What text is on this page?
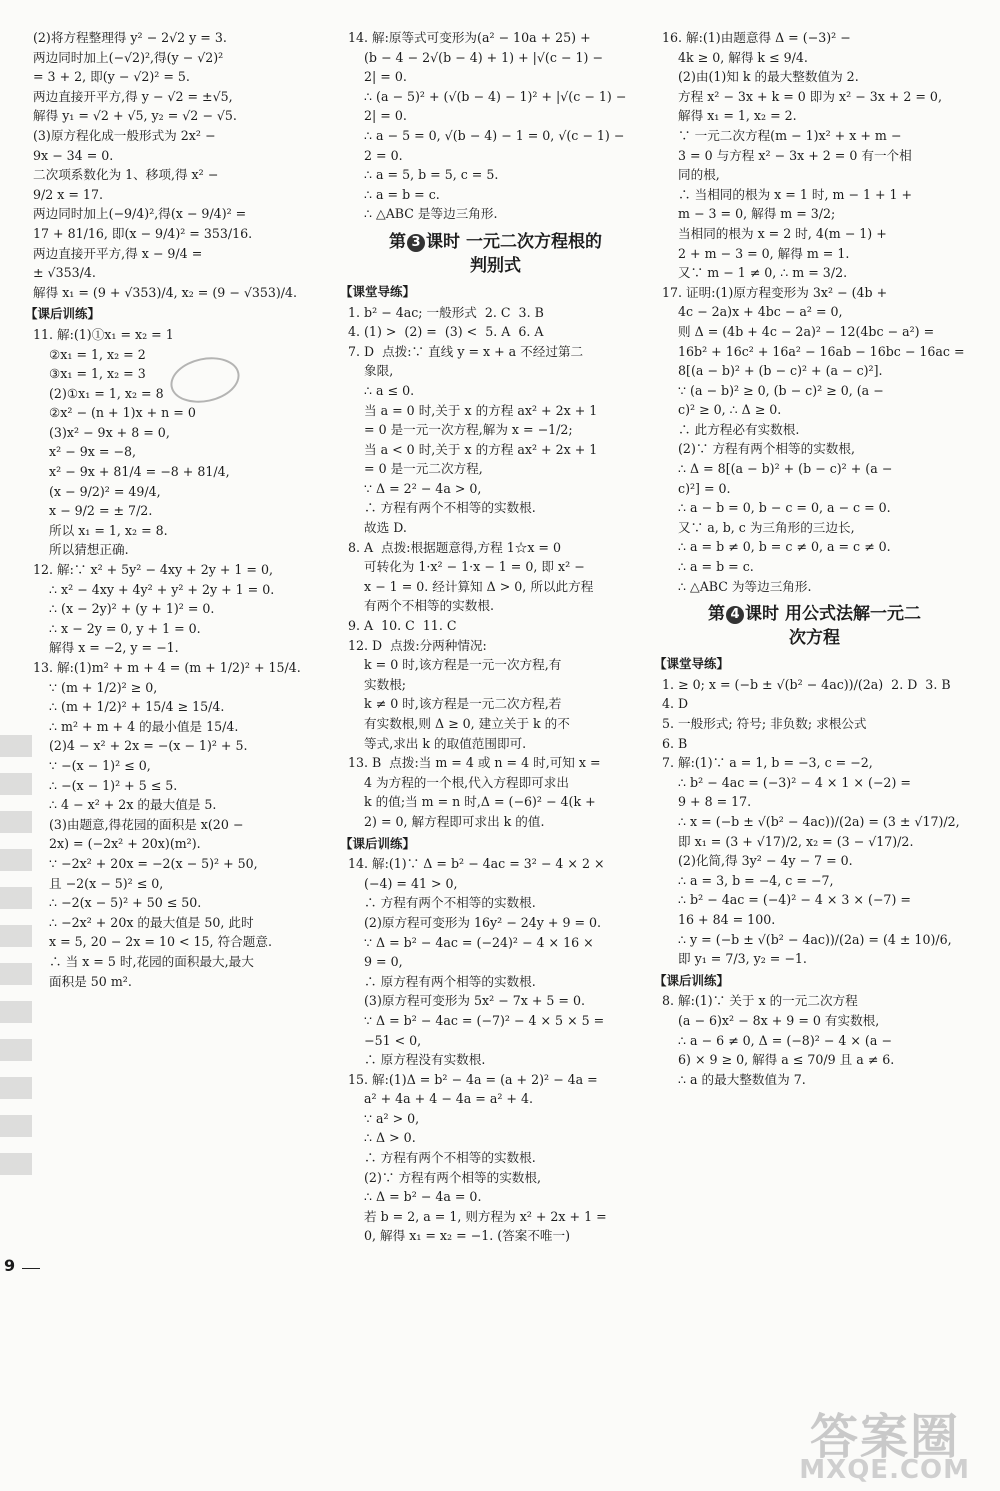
(2)将方程整理得 y² − 2√2 y = 3.
两边同时加上(−√2)²,得(y − √2)²
= 3 + 2, 即(y − √2)² = 5.
两边直接开平方,得 y − √2 = ±√5,
解得 y₁ = √2 + √5, y₂ = √2 − √5.
(3)原方程化成一般形式为 2x² −
9x − 34 = 0.
二次项系数化为 1、移项,得 x² −
9/2 x = 17.
两边同时加上(−9/4)²,得(x − 9/4)² =
17 + 81/16, 即(x − 9/4)² = 353/16.
两边直接开平方,得 x − 9/4 =
± √353/4.
解得 x₁ = (9 + √353)/4, x₂ = (9 − √353)/4.
【课后训练】
11. 解:(1)①x₁ = x₂ = 1
②x₁ = 1, x₂ = 2
③x₁ = 1, x₂ = 3
(2)①x₁ = 1, x₂ = 8
②x² − (n + 1)x + n = 0
(3)x² − 9x + 8 = 0,
x² − 9x = −8,
x² − 9x + 81/4 = −8 + 81/4,
(x − 9/2)² = 49/4,
x − 9/2 = ± 7/2.
所以 x₁ = 1, x₂ = 8.
所以猜想正确.
12. 解:∵ x² + 5y² − 4xy + 2y + 1 = 0,
∴ x² − 4xy + 4y² + y² + 2y + 1 = 0.
∴ (x − 2y)² + (y + 1)² = 0.
∴ x − 2y = 0, y + 1 = 0.
解得 x = −2, y = −1.
13. 解:(1)m² + m + 4 = (m + 1/2)² + 15/4.
∵ (m + 1/2)² ≥ 0,
∴ (m + 1/2)² + 15/4 ≥ 15/4.
∴ m² + m + 4 的最小值是 15/4.
(2)4 − x² + 2x = −(x − 1)² + 5.
∵ −(x − 1)² ≤ 0,
∴ −(x − 1)² + 5 ≤ 5.
∴ 4 − x² + 2x 的最大值是 5.
(3)由题意,得花园的面积是 x(20 −
2x) = (−2x² + 20x)(m²).
∵ −2x² + 20x = −2(x − 5)² + 50,
且 −2(x − 5)² ≤ 0,
∴ −2(x − 5)² + 50 ≤ 50.
∴ −2x² + 20x 的最大值是 50, 此时
x = 5, 20 − 2x = 10 < 15, 符合题意.
∴ 当 x = 5 时,花园的面积最大,最大
面积是 50 m².
14. 解:原等式可变形为(a² − 10a + 25) +
(b − 4 − 2√(b − 4) + 1) + |√(c − 1) −
2| = 0.
∴ (a − 5)² + (√(b − 4) − 1)² + |√(c − 1) −
2| = 0.
∴ a − 5 = 0, √(b − 4) − 1 = 0, √(c − 1) −
2 = 0.
∴ a = 5, b = 5, c = 5.
∴ a = b = c.
∴ △ABC 是等边三角形.
第 3 课时 一元二次方程根的
判别式
【课堂导练】
1. b² − 4ac; 一般形式  2. C  3. B
4. (1) >  (2) =  (3) <  5. A  6. A
7. D  点拨:∵ 直线 y = x + a 不经过第二
象限,
∴ a ≤ 0.
当 a = 0 时,关于 x 的方程 ax² + 2x + 1
= 0 是一元一次方程,解为 x = −1/2;
当 a < 0 时,关于 x 的方程 ax² + 2x + 1
= 0 是一元二次方程,
∵ Δ = 2² − 4a > 0,
∴ 方程有两个不相等的实数根.
故选 D.
8. A  点拨:根据题意得,方程 1☆x = 0
可转化为 1·x² − 1·x − 1 = 0, 即 x² −
x − 1 = 0. 经计算知 Δ > 0, 所以此方程
有两个不相等的实数根.
9. A  10. C  11. C
12. D  点拨:分两种情况:
k = 0 时,该方程是一元一次方程,有
实数根;
k ≠ 0 时,该方程是一元二次方程,若
有实数根,则 Δ ≥ 0, 建立关于 k 的不
等式,求出 k 的取值范围即可.
13. B  点拨:当 m = 4 或 n = 4 时,可知 x =
4 为方程的一个根,代入方程即可求出
k 的值;当 m = n 时,Δ = (−6)² − 4(k +
2) = 0, 解方程即可求出 k 的值.
【课后训练】
14. 解:(1)∵ Δ = b² − 4ac = 3² − 4 × 2 ×
(−4) = 41 > 0,
∴ 方程有两个不相等的实数根.
(2)原方程可变形为 16y² − 24y + 9 = 0.
∵ Δ = b² − 4ac = (−24)² − 4 × 16 ×
9 = 0,
∴ 原方程有两个相等的实数根.
(3)原方程可变形为 5x² − 7x + 5 = 0.
∵ Δ = b² − 4ac = (−7)² − 4 × 5 × 5 =
−51 < 0,
∴ 原方程没有实数根.
15. 解:(1)Δ = b² − 4a = (a + 2)² − 4a =
a² + 4a + 4 − 4a = a² + 4.
∵ a² > 0,
∴ Δ > 0.
∴ 方程有两个不相等的实数根.
(2)∵ 方程有两个相等的实数根,
∴ Δ = b² − 4a = 0.
若 b = 2, a = 1, 则方程为 x² + 2x + 1 =
0, 解得 x₁ = x₂ = −1. (答案不唯一)
16. 解:(1)由题意得 Δ = (−3)² −
4k ≥ 0, 解得 k ≤ 9/4.
(2)由(1)知 k 的最大整数值为 2.
方程 x² − 3x + k = 0 即为 x² − 3x + 2 = 0,
解得 x₁ = 1, x₂ = 2.
∵ 一元二次方程(m − 1)x² + x + m −
3 = 0 与方程 x² − 3x + 2 = 0 有一个相
同的根,
∴ 当相同的根为 x = 1 时, m − 1 + 1 +
m − 3 = 0, 解得 m = 3/2;
当相同的根为 x = 2 时, 4(m − 1) +
2 + m − 3 = 0, 解得 m = 1.
又∵ m − 1 ≠ 0, ∴ m = 3/2.
17. 证明:(1)原方程变形为 3x² − (4b +
4c − 2a)x + 4bc − a² = 0,
则 Δ = (4b + 4c − 2a)² − 12(4bc − a²) =
16b² + 16c² + 16a² − 16ab − 16bc − 16ac =
8[(a − b)² + (b − c)² + (a − c)²].
∵ (a − b)² ≥ 0, (b − c)² ≥ 0, (a −
c)² ≥ 0, ∴ Δ ≥ 0.
∴ 此方程必有实数根.
(2)∵ 方程有两个相等的实数根,
∴ Δ = 8[(a − b)² + (b − c)² + (a −
c)²] = 0.
∴ a − b = 0, b − c = 0, a − c = 0.
又∵ a, b, c 为三角形的三边长,
∴ a = b ≠ 0, b = c ≠ 0, a = c ≠ 0.
∴ a = b = c.
∴ △ABC 为等边三角形.
第 4 课时 用公式法解一元二
次方程
【课堂导练】
1. ≥ 0; x = (−b ± √(b² − 4ac))/(2a)  2. D  3. B
4. D
5. 一般形式; 符号; 非负数; 求根公式
6. B
7. 解:(1)∵ a = 1, b = −3, c = −2,
∴ b² − 4ac = (−3)² − 4 × 1 × (−2) =
9 + 8 = 17.
∴ x = (−b ± √(b² − 4ac))/(2a) = (3 ± √17)/2,
即 x₁ = (3 + √17)/2, x₂ = (3 − √17)/2.
(2)化简,得 3y² − 4y − 7 = 0.
∴ a = 3, b = −4, c = −7,
∴ b² − 4ac = (−4)² − 4 × 3 × (−7) =
16 + 84 = 100.
∴ y = (−b ± √(b² − 4ac))/(2a) = (4 ± 10)/6,
即 y₁ = 7/3, y₂ = −1.
【课后训练】
8. 解:(1)∵ 关于 x 的一元二次方程
(a − 6)x² − 8x + 9 = 0 有实数根,
∴ a − 6 ≠ 0, Δ = (−8)² − 4 × (a −
6) × 9 ≥ 0, 解得 a ≤ 70/9 且 a ≠ 6.
∴ a 的最大整数值为 7.
9
答案圈
MXQE.COM
